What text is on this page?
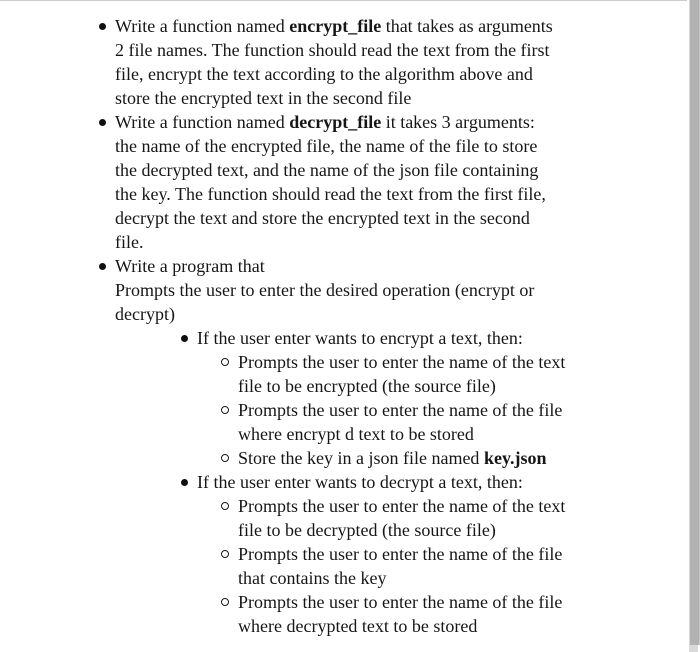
Write a function named encrypt_file that takes as arguments
2 file names. The function should read the text from the first
file, encrypt the text according to the algorithm above and
store the encrypted text in the second file
Write a function named decrypt_file it takes 3 arguments:
the name of the encrypted file, the name of the file to store
the decrypted text, and the name of the json file containing
the key. The function should read the text from the first file,
decrypt the text and store the encrypted text in the second
file.
Write a program that
Prompts the user to enter the desired operation (encrypt or
decrypt)
If the user enter wants to encrypt a text, then:
Prompts the user to enter the name of the text
file to be encrypted (the source file)
Prompts the user to enter the name of the file
where encrypt d text to be stored
Store the key in a json file named key.json
If the user enter wants to decrypt a text, then:
Prompts the user to enter the name of the text
file to be decrypted (the source file)
Prompts the user to enter the name of the file
that contains the key
Prompts the user to enter the name of the file
where decrypted text to be stored
